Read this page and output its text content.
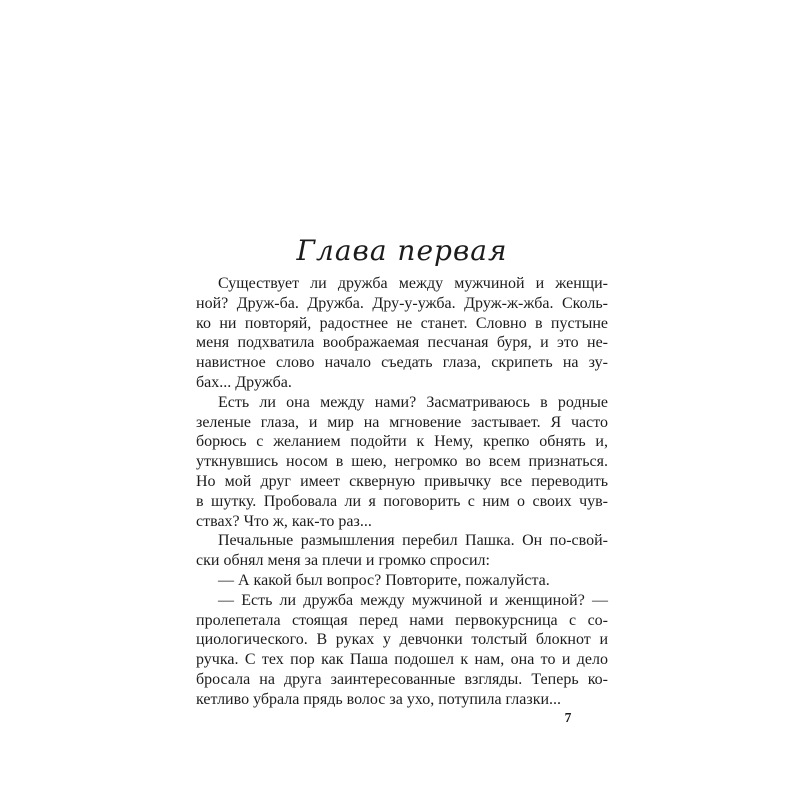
Глава первая
Существует ли дружба между мужчиной и женщи-
ной? Друж-ба. Дружба. Дру-у-ужба. Друж-ж-жба. Сколь-
ко ни повторяй, радостнее не станет. Словно в пустыне
меня подхватила воображаемая песчаная буря, и это не-
навистное слово начало съедать глаза, скрипеть на зу-
бах... Дружба.
Есть ли она между нами? Засматриваюсь в родные
зеленые глаза, и мир на мгновение застывает. Я часто
борюсь с желанием подойти к Нему, крепко обнять и,
уткнувшись носом в шею, негромко во всем признаться.
Но мой друг имеет скверную привычку все переводить
в шутку. Пробовала ли я поговорить с ним о своих чув-
ствах? Что ж, как-то раз...
Печальные размышления перебил Пашка. Он по-свой-
ски обнял меня за плечи и громко спросил:
— А какой был вопрос? Повторите, пожалуйста.
— Есть ли дружба между мужчиной и женщиной? —
пролепетала стоящая перед нами первокурсница с со-
циологического. В руках у девчонки толстый блокнот и
ручка. С тех пор как Паша подошел к нам, она то и дело
бросала на друга заинтересованные взгляды. Теперь ко-
кетливо убрала прядь волос за ухо, потупила глазки...
7
